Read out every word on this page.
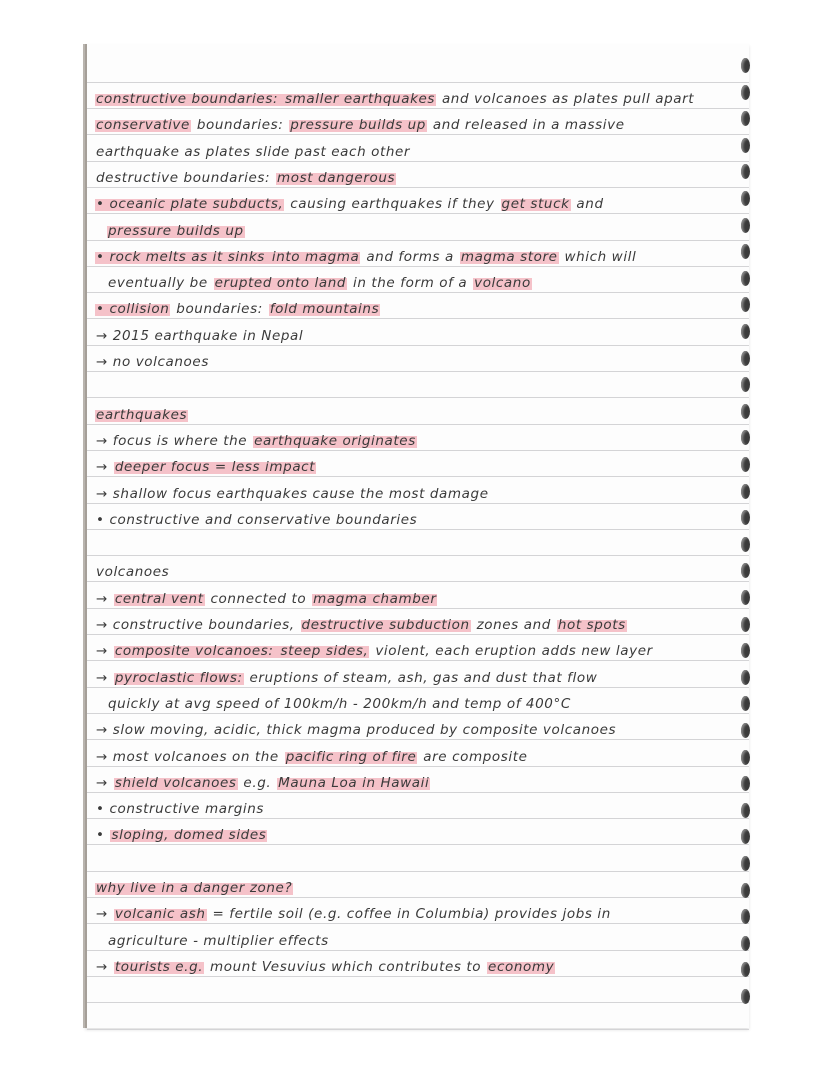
constructive boundaries: smaller earthquakes and volcanoes as plates pull apart
conservative boundaries: pressure builds up and released in a massive
earthquake as plates slide past each other
destructive boundaries: most dangerous
• oceanic plate subducts, causing earthquakes if they get stuck and
pressure builds up
• rock melts as it sinks into magma and forms a magma store which will
eventually be erupted onto land in the form of a volcano
• collision boundaries: fold mountains
→ 2015 earthquake in Nepal
→ no volcanoes
earthquakes
→ focus is where the earthquake originates
→ deeper focus = less impact
→ shallow focus earthquakes cause the most damage
• constructive and conservative boundaries
volcanoes
→ central vent connected to magma chamber
→ constructive boundaries, destructive subduction zones and hot spots
→ composite volcanoes: steep sides, violent, each eruption adds new layer
→ pyroclastic flows: eruptions of steam, ash, gas and dust that flow
quickly at avg speed of 100km/h - 200km/h and temp of 400°C
→ slow moving, acidic, thick magma produced by composite volcanoes
→ most volcanoes on the pacific ring of fire are composite
→ shield volcanoes e.g. Mauna Loa in Hawaii
• constructive margins
• sloping, domed sides
why live in a danger zone?
→ volcanic ash = fertile soil (e.g. coffee in Columbia) provides jobs in
agriculture - multiplier effects
→ tourists e.g. mount Vesuvius which contributes to economy
